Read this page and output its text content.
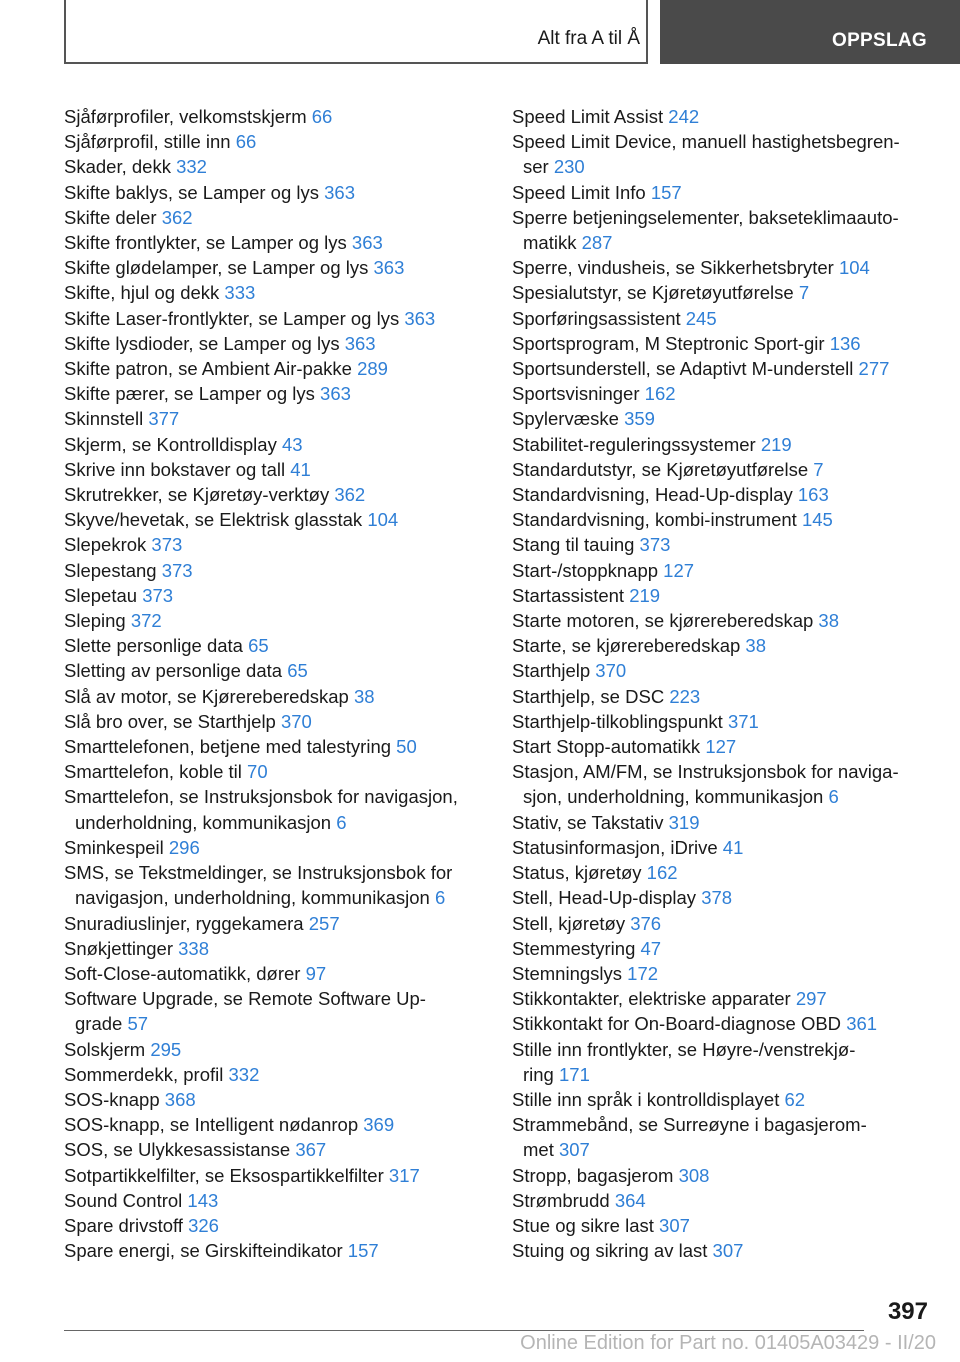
Alt fra A til Å	OPPSLAG
Sjåførprofiler, velkomstskjerm 66
Sjåførprofil, stille inn 66
Skader, dekk 332
Skifte baklys, se Lamper og lys 363
Skifte deler 362
Skifte frontlykter, se Lamper og lys 363
Skifte glødelamper, se Lamper og lys 363
Skifte, hjul og dekk 333
Skifte Laser-frontlykter, se Lamper og lys 363
Skifte lysdioder, se Lamper og lys 363
Skifte patron, se Ambient Air-pakke 289
Skifte pærer, se Lamper og lys 363
Skinnstell 377
Skjerm, se Kontrolldisplay 43
Skrive inn bokstaver og tall 41
Skrutrekker, se Kjøretøy-verktøy 362
Skyve/hevetak, se Elektrisk glasstak 104
Slepekrok 373
Slepestang 373
Slepetau 373
Sleping 372
Slette personlige data 65
Sletting av personlige data 65
Slå av motor, se Kjørereberedskap 38
Slå bro over, se Starthjelp 370
Smarttelefonen, betjene med talestyring 50
Smarttelefon, koble til 70
Smarttelefon, se Instruksjonsbok for navigasjon,
underholdning, kommunikasjon 6
Sminkespeil 296
SMS, se Tekstmeldinger, se Instruksjonsbok for
navigasjon, underholdning, kommunikasjon 6
Snuradiuslinjer, ryggekamera 257
Snøkjettinger 338
Soft-Close-automatikk, dører 97
Software Upgrade, se Remote Software Up-
grade 57
Solskjerm 295
Sommerdekk, profil 332
SOS-knapp 368
SOS-knapp, se Intelligent nødanrop 369
SOS, se Ulykkesassistanse 367
Sotpartikkelfilter, se Eksospartikkelfilter 317
Sound Control 143
Spare drivstoff 326
Spare energi, se Girskifteindikator 157
Speed Limit Assist 242
Speed Limit Device, manuell hastighetsbegren-
ser 230
Speed Limit Info 157
Sperre betjeningselementer, bakseteklimaauto-
matikk 287
Sperre, vindusheis, se Sikkerhetsbryter 104
Spesialutstyr, se Kjøretøyutførelse 7
Sporføringsassistent 245
Sportsprogram, M Steptronic Sport-gir 136
Sportsunderstell, se Adaptivt M-understell 277
Sportsvisninger 162
Spylervæske 359
Stabilitet-reguleringssystemer 219
Standardutstyr, se Kjøretøyutførelse 7
Standardvisning, Head-Up-display 163
Standardvisning, kombi-instrument 145
Stang til tauing 373
Start-/stoppknapp 127
Startassistent 219
Starte motoren, se kjørereberedskap 38
Starte, se kjørereberedskap 38
Starthjelp 370
Starthjelp, se DSC 223
Starthjelp-tilkoblingspunkt 371
Start Stopp-automatikk 127
Stasjon, AM/FM, se Instruksjonsbok for naviga-
sjon, underholdning, kommunikasjon 6
Stativ, se Takstativ 319
Statusinformasjon, iDrive 41
Status, kjøretøy 162
Stell, Head-Up-display 378
Stell, kjøretøy 376
Stemmestyring 47
Stemningslys 172
Stikkontakter, elektriske apparater 297
Stikkontakt for On-Board-diagnose OBD 361
Stille inn frontlykter, se Høyre-/venstrekjø-
ring 171
Stille inn språk i kontrolldisplayet 62
Strammebånd, se Surreøyne i bagasjerom-
met 307
Stropp, bagasjerom 308
Strømbrudd 364
Stue og sikre last 307
Stuing og sikring av last 307
397
Online Edition for Part no. 01405A03429 - II/20
